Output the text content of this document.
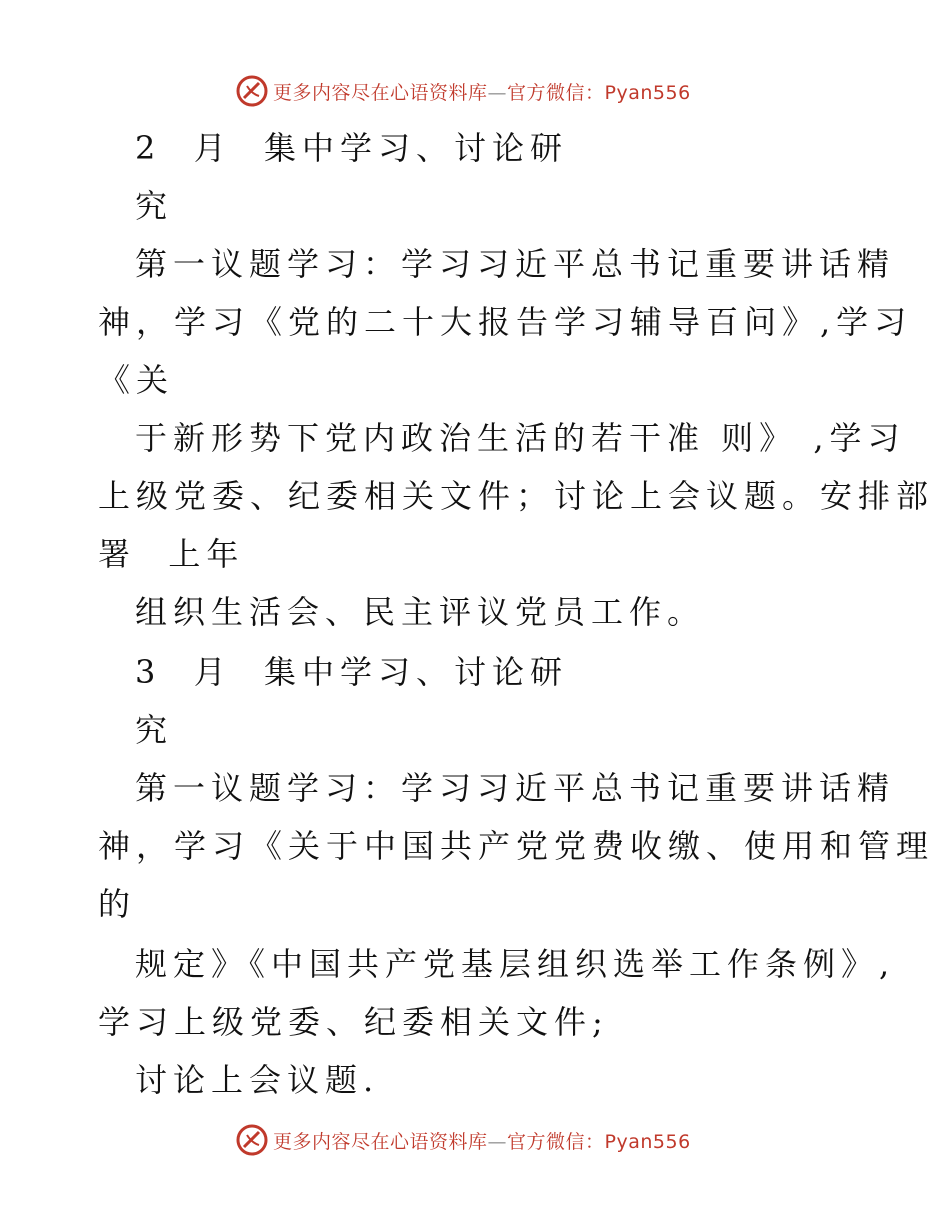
更多内容尽在心语资料库—官方微信：Pyan556
2  月  集中学习、讨论研
究
第一议题学习：学习习近平总书记重要讲话精
神，学习《党的二十大报告学习辅导百问》,学习
《关
于新形势下党内政治生活的若干准 则》 ,学习
上级党委、纪委相关文件；讨论上会议题。安排部
署  上年
组织生活会、民主评议党员工作。
3  月  集中学习、讨论研
究
第一议题学习：学习习近平总书记重要讲话精
神，学习《关于中国共产党党费收缴、使用和管理
的
规定》《中国共产党基层组织选举工作条例》,
学习上级党委、纪委相关文件;
讨论上会议题.
更多内容尽在心语资料库—官方微信：Pyan556
